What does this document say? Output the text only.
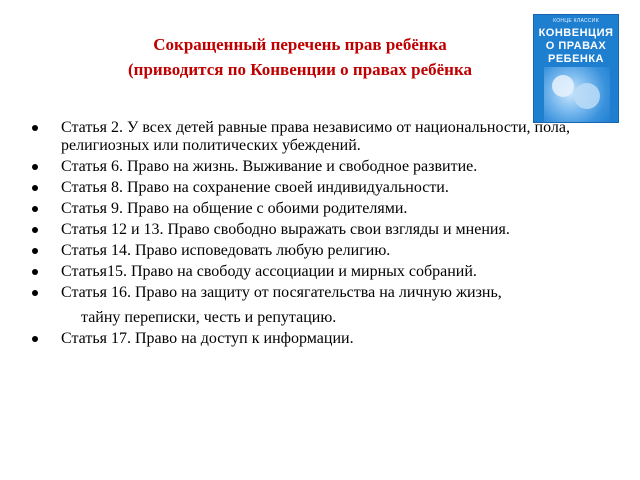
Сокращенный перечень прав ребёнка
(приводится по Конвенции о правах ребёнка
КОНЦЕ КЛАССИК
КОНВЕНЦИЯ
О ПРАВАХ
РЕБЕНКА
Статья 2. У всех детей равные права независимо от национальности, пола, религиозных или политических убеждений.
Статья 6. Право на жизнь. Выживание и свободное развитие.
Статья 8. Право на сохранение своей индивидуальности.
Статья 9. Право на общение с обоими родителями.
Статья 12 и 13. Право свободно выражать свои взгляды и мнения.
Статья 14. Право исповедовать любую религию.
Статья15. Право на свободу ассоциации и мирных собраний.
Статья 16. Право на защиту от посягательства на личную жизнь,
тайну переписки, честь и репутацию.
Статья 17. Право на доступ к информации.
